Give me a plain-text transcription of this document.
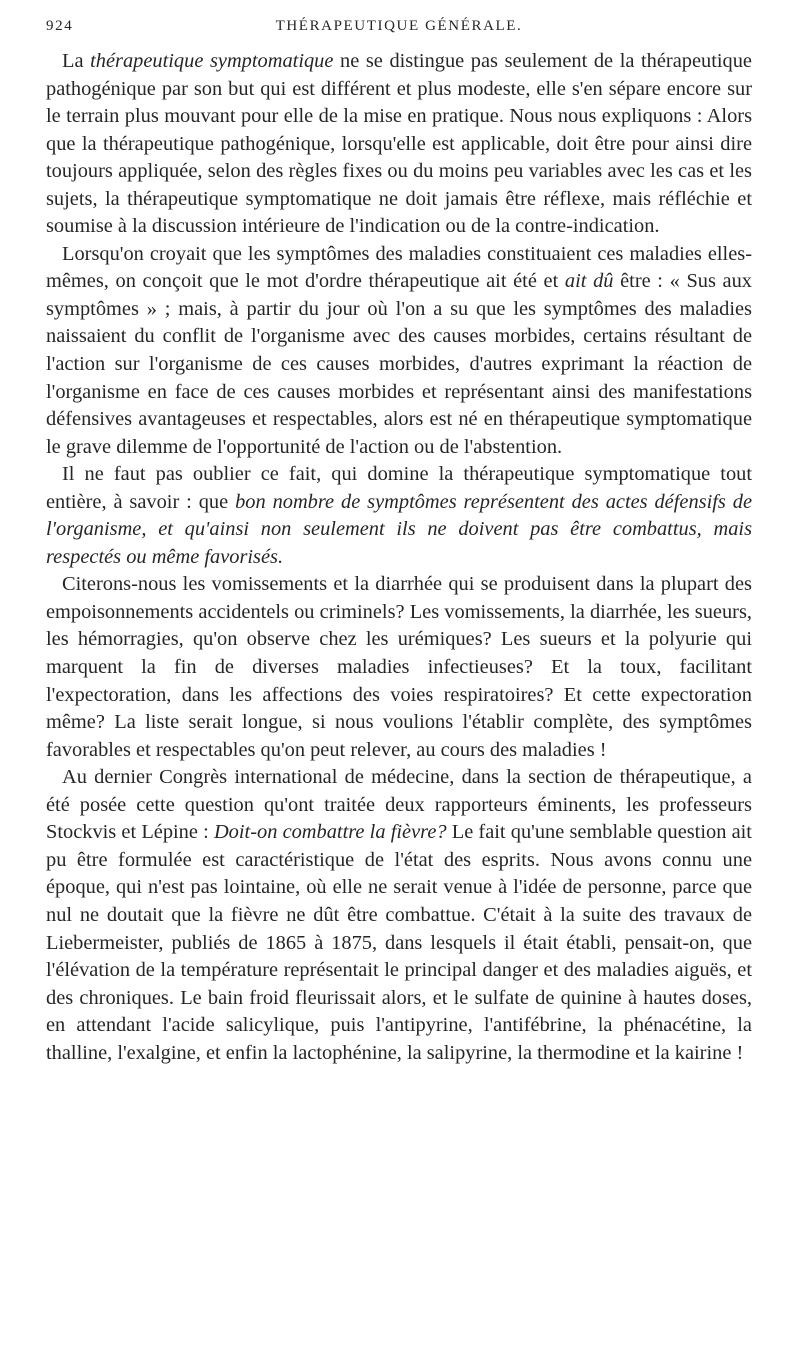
924	THÉRAPEUTIQUE GÉNÉRALE.

La thérapeutique symptomatique ne se distingue pas seulement de la thérapeutique pathogénique par son but qui est différent et plus modeste, elle s'en sépare encore sur le terrain plus mouvant pour elle de la mise en pratique. Nous nous expliquons : Alors que la thérapeutique pathogénique, lorsqu'elle est applicable, doit être pour ainsi dire toujours appliquée, selon des règles fixes ou du moins peu variables avec les cas et les sujets, la thérapeutique symptomatique ne doit jamais être réflexe, mais réfléchie et soumise à la discussion intérieure de l'indication ou de la contre-indication.

Lorsqu'on croyait que les symptômes des maladies constituaient ces maladies elles-mêmes, on conçoit que le mot d'ordre thérapeutique ait été et ait dû être : « Sus aux symptômes » ; mais, à partir du jour où l'on a su que les symptômes des maladies naissaient du conflit de l'organisme avec des causes morbides, certains résultant de l'action sur l'organisme de ces causes morbides, d'autres exprimant la réaction de l'organisme en face de ces causes morbides et représentant ainsi des manifestations défensives avantageuses et respectables, alors est né en thérapeutique symptomatique le grave dilemme de l'opportunité de l'action ou de l'abstention.

Il ne faut pas oublier ce fait, qui domine la thérapeutique symptomatique tout entière, à savoir : que bon nombre de symptômes représentent des actes défensifs de l'organisme, et qu'ainsi non seulement ils ne doivent pas être combattus, mais respectés ou même favorisés.

Citerons-nous les vomissements et la diarrhée qui se produisent dans la plupart des empoisonnements accidentels ou criminels? Les vomissements, la diarrhée, les sueurs, les hémorragies, qu'on observe chez les urémiques? Les sueurs et la polyurie qui marquent la fin de diverses maladies infectieuses? Et la toux, facilitant l'expectoration, dans les affections des voies respiratoires? Et cette expectoration même? La liste serait longue, si nous voulions l'établir complète, des symptômes favorables et respectables qu'on peut relever, au cours des maladies !

Au dernier Congrès international de médecine, dans la section de thérapeutique, a été posée cette question qu'ont traitée deux rapporteurs éminents, les professeurs Stockvis et Lépine : Doit-on combattre la fièvre? Le fait qu'une semblable question ait pu être formulée est caractéristique de l'état des esprits. Nous avons connu une époque, qui n'est pas lointaine, où elle ne serait venue à l'idée de personne, parce que nul ne doutait que la fièvre ne dût être combattue. C'était à la suite des travaux de Liebermeister, publiés de 1865 à 1875, dans lesquels il était établi, pensait-on, que l'élévation de la température représentait le principal danger et des maladies aiguës, et des chroniques. Le bain froid fleurissait alors, et le sulfate de quinine à hautes doses, en attendant l'acide salicylique, puis l'antipyrine, l'antifébrine, la phénacétine, la thalline, l'exalgine, et enfin la lactophénine, la salipyrine, la thermodine et la kairine !
